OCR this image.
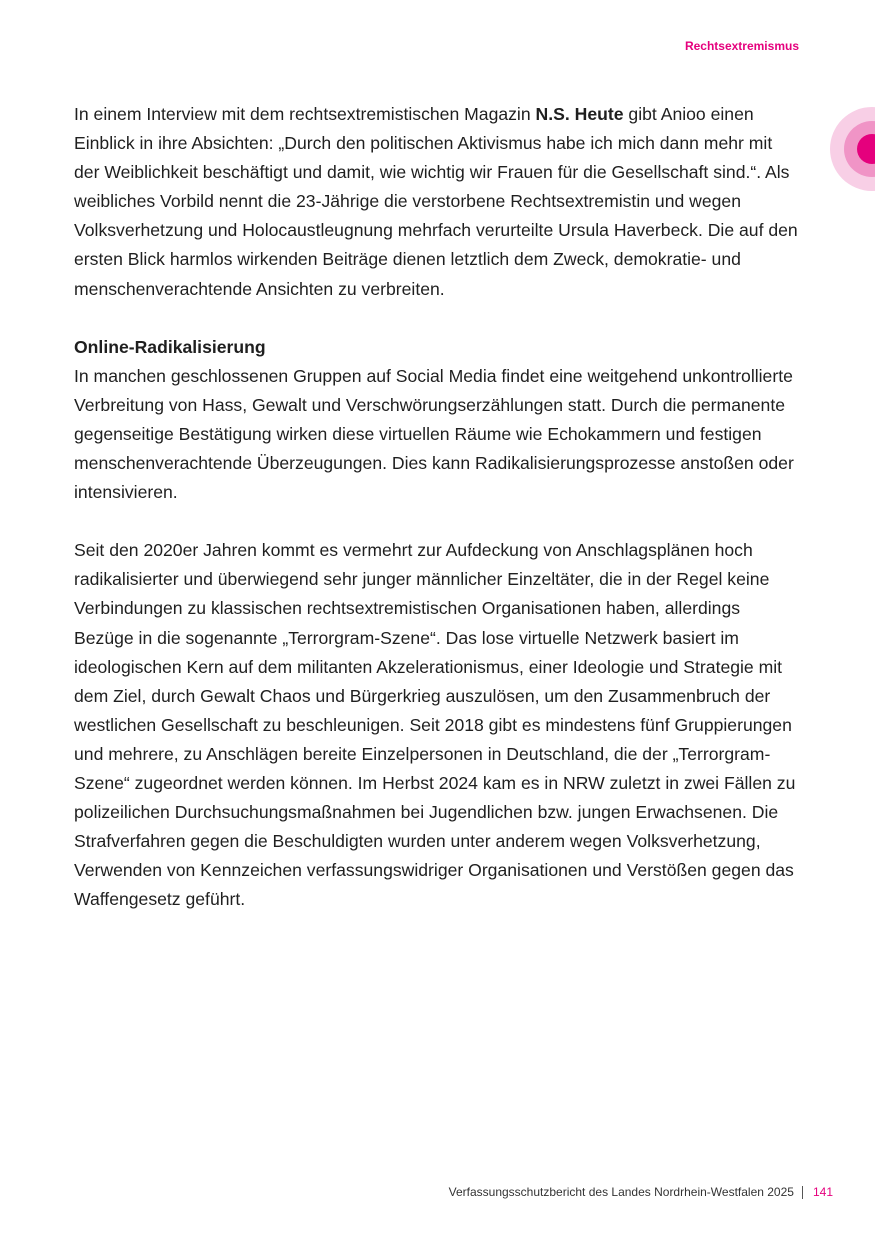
Rechtsextremismus

In einem Interview mit dem rechtsextremistischen Magazin N.S. Heute gibt Anioo einen Einblick in ihre Absichten: „Durch den politischen Aktivismus habe ich mich dann mehr mit der Weiblichkeit beschäftigt und damit, wie wichtig wir Frauen für die Gesellschaft sind.“. Als weibliches Vorbild nennt die 23-Jährige die verstorbene Rechtsextremistin und wegen Volksverhetzung und Holocaustleugnung mehrfach verurteilte Ursula Haverbeck. Die auf den ersten Blick harmlos wirkenden Beiträge dienen letztlich dem Zweck, demokratie- und menschenverachtende Ansichten zu verbreiten.

Online-Radikalisierung

In manchen geschlossenen Gruppen auf Social Media findet eine weitgehend unkontrollierte Verbreitung von Hass, Gewalt und Verschwörungserzählungen statt. Durch die permanente gegenseitige Bestätigung wirken diese virtuellen Räume wie Echokammern und festigen menschenverachtende Überzeugungen. Dies kann Radikalisierungsprozesse anstoßen oder intensivieren.

Seit den 2020er Jahren kommt es vermehrt zur Aufdeckung von Anschlagsplänen hoch radikalisierter und überwiegend sehr junger männlicher Einzeltäter, die in der Regel keine Verbindungen zu klassischen rechtsextremistischen Organisationen haben, allerdings Bezüge in die sogenannte „Terrorgram-Szene“. Das lose virtuelle Netzwerk basiert im ideologischen Kern auf dem militanten Akzelerationismus, einer Ideologie und Strategie mit dem Ziel, durch Gewalt Chaos und Bürgerkrieg auszulösen, um den Zusammenbruch der westlichen Gesellschaft zu beschleunigen. Seit 2018 gibt es mindestens fünf Gruppierungen und mehrere, zu Anschlägen bereite Einzelpersonen in Deutschland, die der „Terrorgram-Szene“ zugeordnet werden können. Im Herbst 2024 kam es in NRW zuletzt in zwei Fällen zu polizeilichen Durchsuchungsmaßnahmen bei Jugendlichen bzw. jungen Erwachsenen. Die Strafverfahren gegen die Beschuldigten wurden unter anderem wegen Volksverhetzung, Verwenden von Kennzeichen verfassungswidriger Organisationen und Verstößen gegen das Waffengesetz geführt.

Verfassungsschutzbericht des Landes Nordrhein-Westfalen 2025 141
